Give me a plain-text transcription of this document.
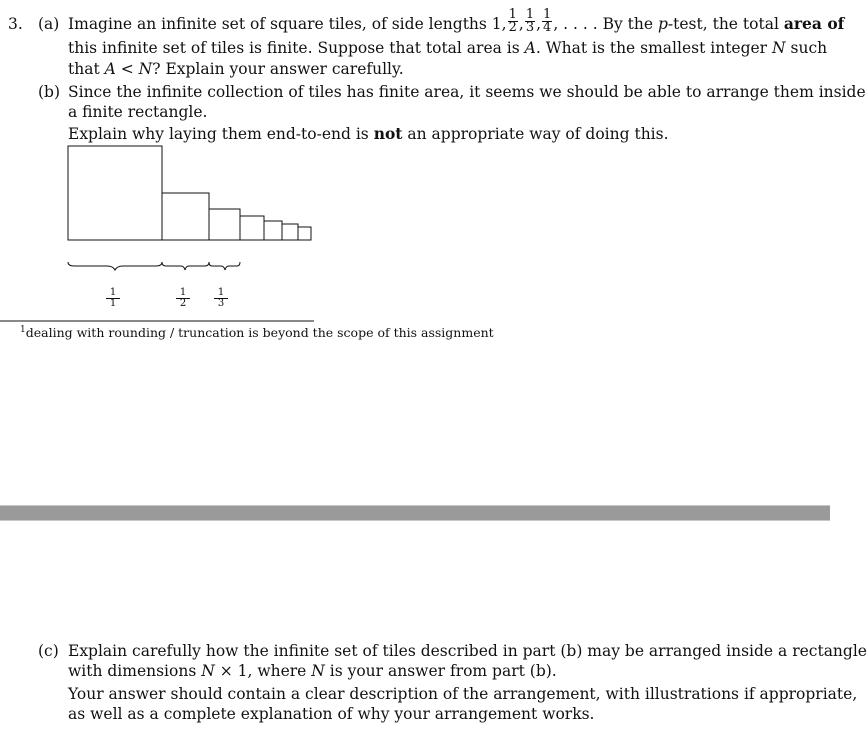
3. (a) Imagine an infinite set of square tiles, of side lengths 1, $\frac{1}{2}$ , $\frac{1}{3}$ , $\frac{1}{4}$ , . . . . By the p-test, the total area of
this infinite set of tiles is finite. Suppose that total area is A. What is the smallest integer N such
that A < N? Explain your answer carefully.
(b) Since the infinite collection of tiles has finite area, it seems we should be able to arrange them inside
a finite rectangle.
Explain why laying them end-to-end is not an appropriate way of doing this.
$\frac{1}{1}$	$\frac{1}{2} \frac{1}{3}$
$^1$dealing with rounding / truncation is beyond the scope of this assignment
(c) Explain carefully how the infinite set of tiles described in part (b) may be arranged inside a rectangle
with dimensions N × 1, where N is your answer from part (b).
Your answer should contain a clear description of the arrangement, with illustrations if appropriate,
as well as a complete explanation of why your arrangement works.
